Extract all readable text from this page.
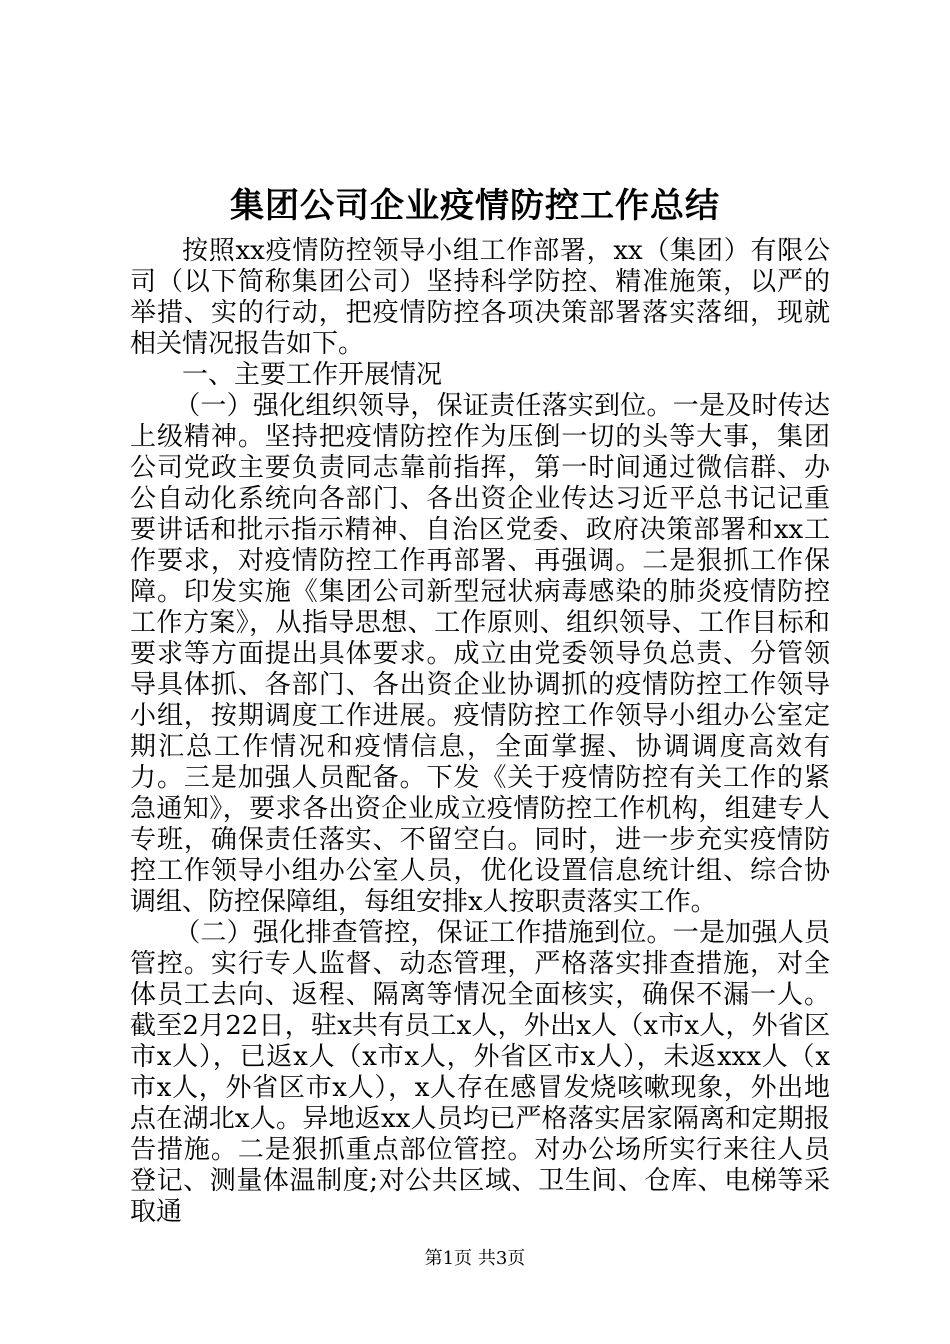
集团公司企业疫情防控工作总结

按照xx疫情防控领导小组工作部署，xx（集团）有限公司（以下简称集团公司）坚持科学防控、精准施策，以严的举措、实的行动，把疫情防控各项决策部署落实落细，现就相关情况报告如下。

一、主要工作开展情况

（一）强化组织领导，保证责任落实到位。一是及时传达上级精神。坚持把疫情防控作为压倒一切的头等大事，集团公司党政主要负责同志靠前指挥，第一时间通过微信群、办公自动化系统向各部门、各出资企业传达习近平总书记记重要讲话和批示指示精神、自治区党委、政府决策部署和xx工作要求，对疫情防控工作再部署、再强调。二是狠抓工作保障。印发实施《集团公司新型冠状病毒感染的肺炎疫情防控工作方案》，从指导思想、工作原则、组织领导、工作目标和要求等方面提出具体要求。成立由党委领导负总责、分管领导具体抓、各部门、各出资企业协调抓的疫情防控工作领导小组，按期调度工作进展。疫情防控工作领导小组办公室定期汇总工作情况和疫情信息，全面掌握、协调调度高效有力。三是加强人员配备。下发《关于疫情防控有关工作的紧急通知》，要求各出资企业成立疫情防控工作机构，组建专人专班，确保责任落实、不留空白。同时，进一步充实疫情防控工作领导小组办公室人员，优化设置信息统计组、综合协调组、防控保障组，每组安排x人按职责落实工作。

（二）强化排查管控，保证工作措施到位。一是加强人员管控。实行专人监督、动态管理，严格落实排查措施，对全体员工去向、返程、隔离等情况全面核实，确保不漏一人。截至2月22日，驻x共有员工x人，外出x人（x市x人，外省区市x人），已返x人（x市x人，外省区市x人），未返xxx人（x市x人，外省区市x人），x人存在感冒发烧咳嗽现象，外出地点在湖北x人。异地返xx人员均已严格落实居家隔离和定期报告措施。二是狠抓重点部位管控。对办公场所实行来往人员登记、测量体温制度;对公共区域、卫生间、仓库、电梯等采取通

第1页 共3页
